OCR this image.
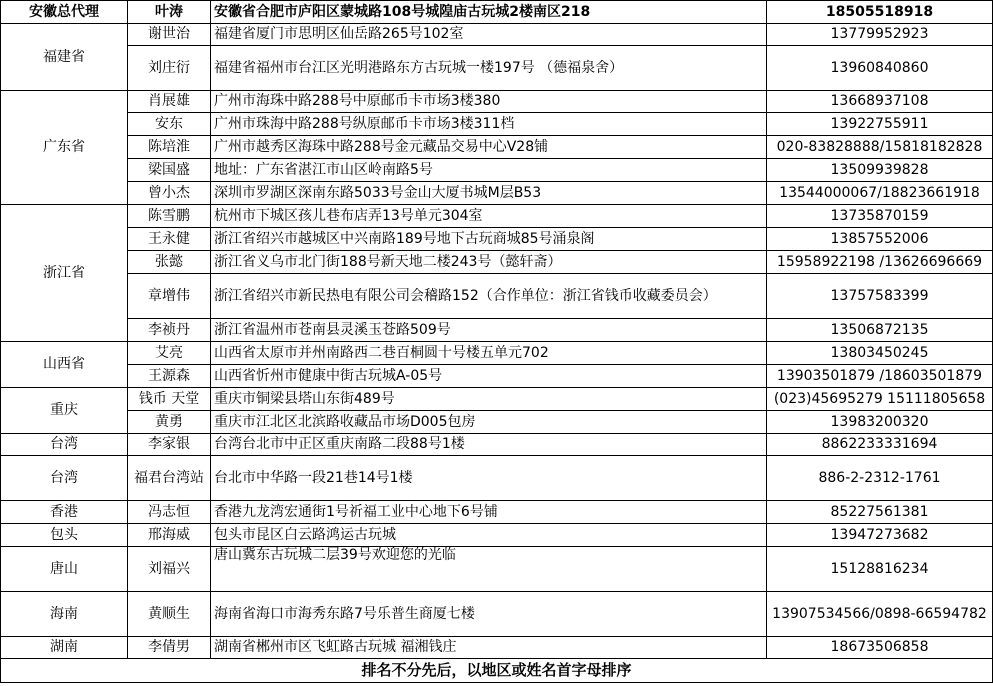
安徽总代理	叶涛	安徽省合肥市庐阳区蒙城路108号城隍庙古玩城2楼南区218	18505518918
福建省	谢世治	福建省厦门市思明区仙岳路265号102室	13779952923
	刘庄衍	福建省福州市台江区光明港路东方古玩城一楼197号 （德福泉舍）	13960840860
广东省	肖展雄	广州市海珠中路288号中原邮币卡市场3楼380	13668937108
	安东	广州市珠海中路288号纵原邮币卡市场3楼311档	13922755911
	陈培淮	广州市越秀区海珠中路288号金元藏品交易中心V28铺	020-83828888/15818182828
	梁国盛	地址：广东省湛江市山区岭南路5号	13509939828
	曾小杰	深圳市罗湖区深南东路5033号金山大厦书城M层B53	13544000067/18823661918
浙江省	陈雪鹏	杭州市下城区孩儿巷布店弄13号单元304室	13735870159
	王永健	浙江省绍兴市越城区中兴南路189号地下古玩商城85号涌泉阁	13857552006
	张懿	浙江省义乌市北门街188号新天地二楼243号（懿轩斋）	15958922198 /13626696669
	章增伟	浙江省绍兴市新民热电有限公司会稽路152（合作单位：浙江省钱币收藏委员会）	13757583399
	李祯丹	浙江省温州市苍南县灵溪玉苍路509号	13506872135
山西省	艾亮	山西省太原市并州南路西二巷百桐圆十号楼五单元702	13803450245
	王源森	山西省忻州市健康中街古玩城A-05号	13903501879 /18603501879
重庆	钱币 天堂	重庆市铜梁县塔山东街489号	(023)45695279 15111805658
	黄勇	重庆市江北区北滨路收藏品市场D005包房	13983200320
台湾	李家银	台湾台北市中正区重庆南路二段88号1楼	8862233331694
台湾	福君台湾站	台北市中华路一段21巷14号1楼	886-2-2312-1761
香港	冯志恒	香港九龙湾宏通街1号祈福工业中心地下6号铺	85227561381
包头	邢海威	包头市昆区白云路鸿运古玩城	13947273682
唐山	刘福兴	唐山冀东古玩城二层39号欢迎您的光临	15128816234
海南	黄顺生	海南省海口市海秀东路7号乐普生商厦七楼	13907534566/0898-66594782
湖南	李倩男	湖南省郴州市区飞虹路古玩城 福湘钱庄	18673506858
排名不分先后，以地区或姓名首字母排序			
